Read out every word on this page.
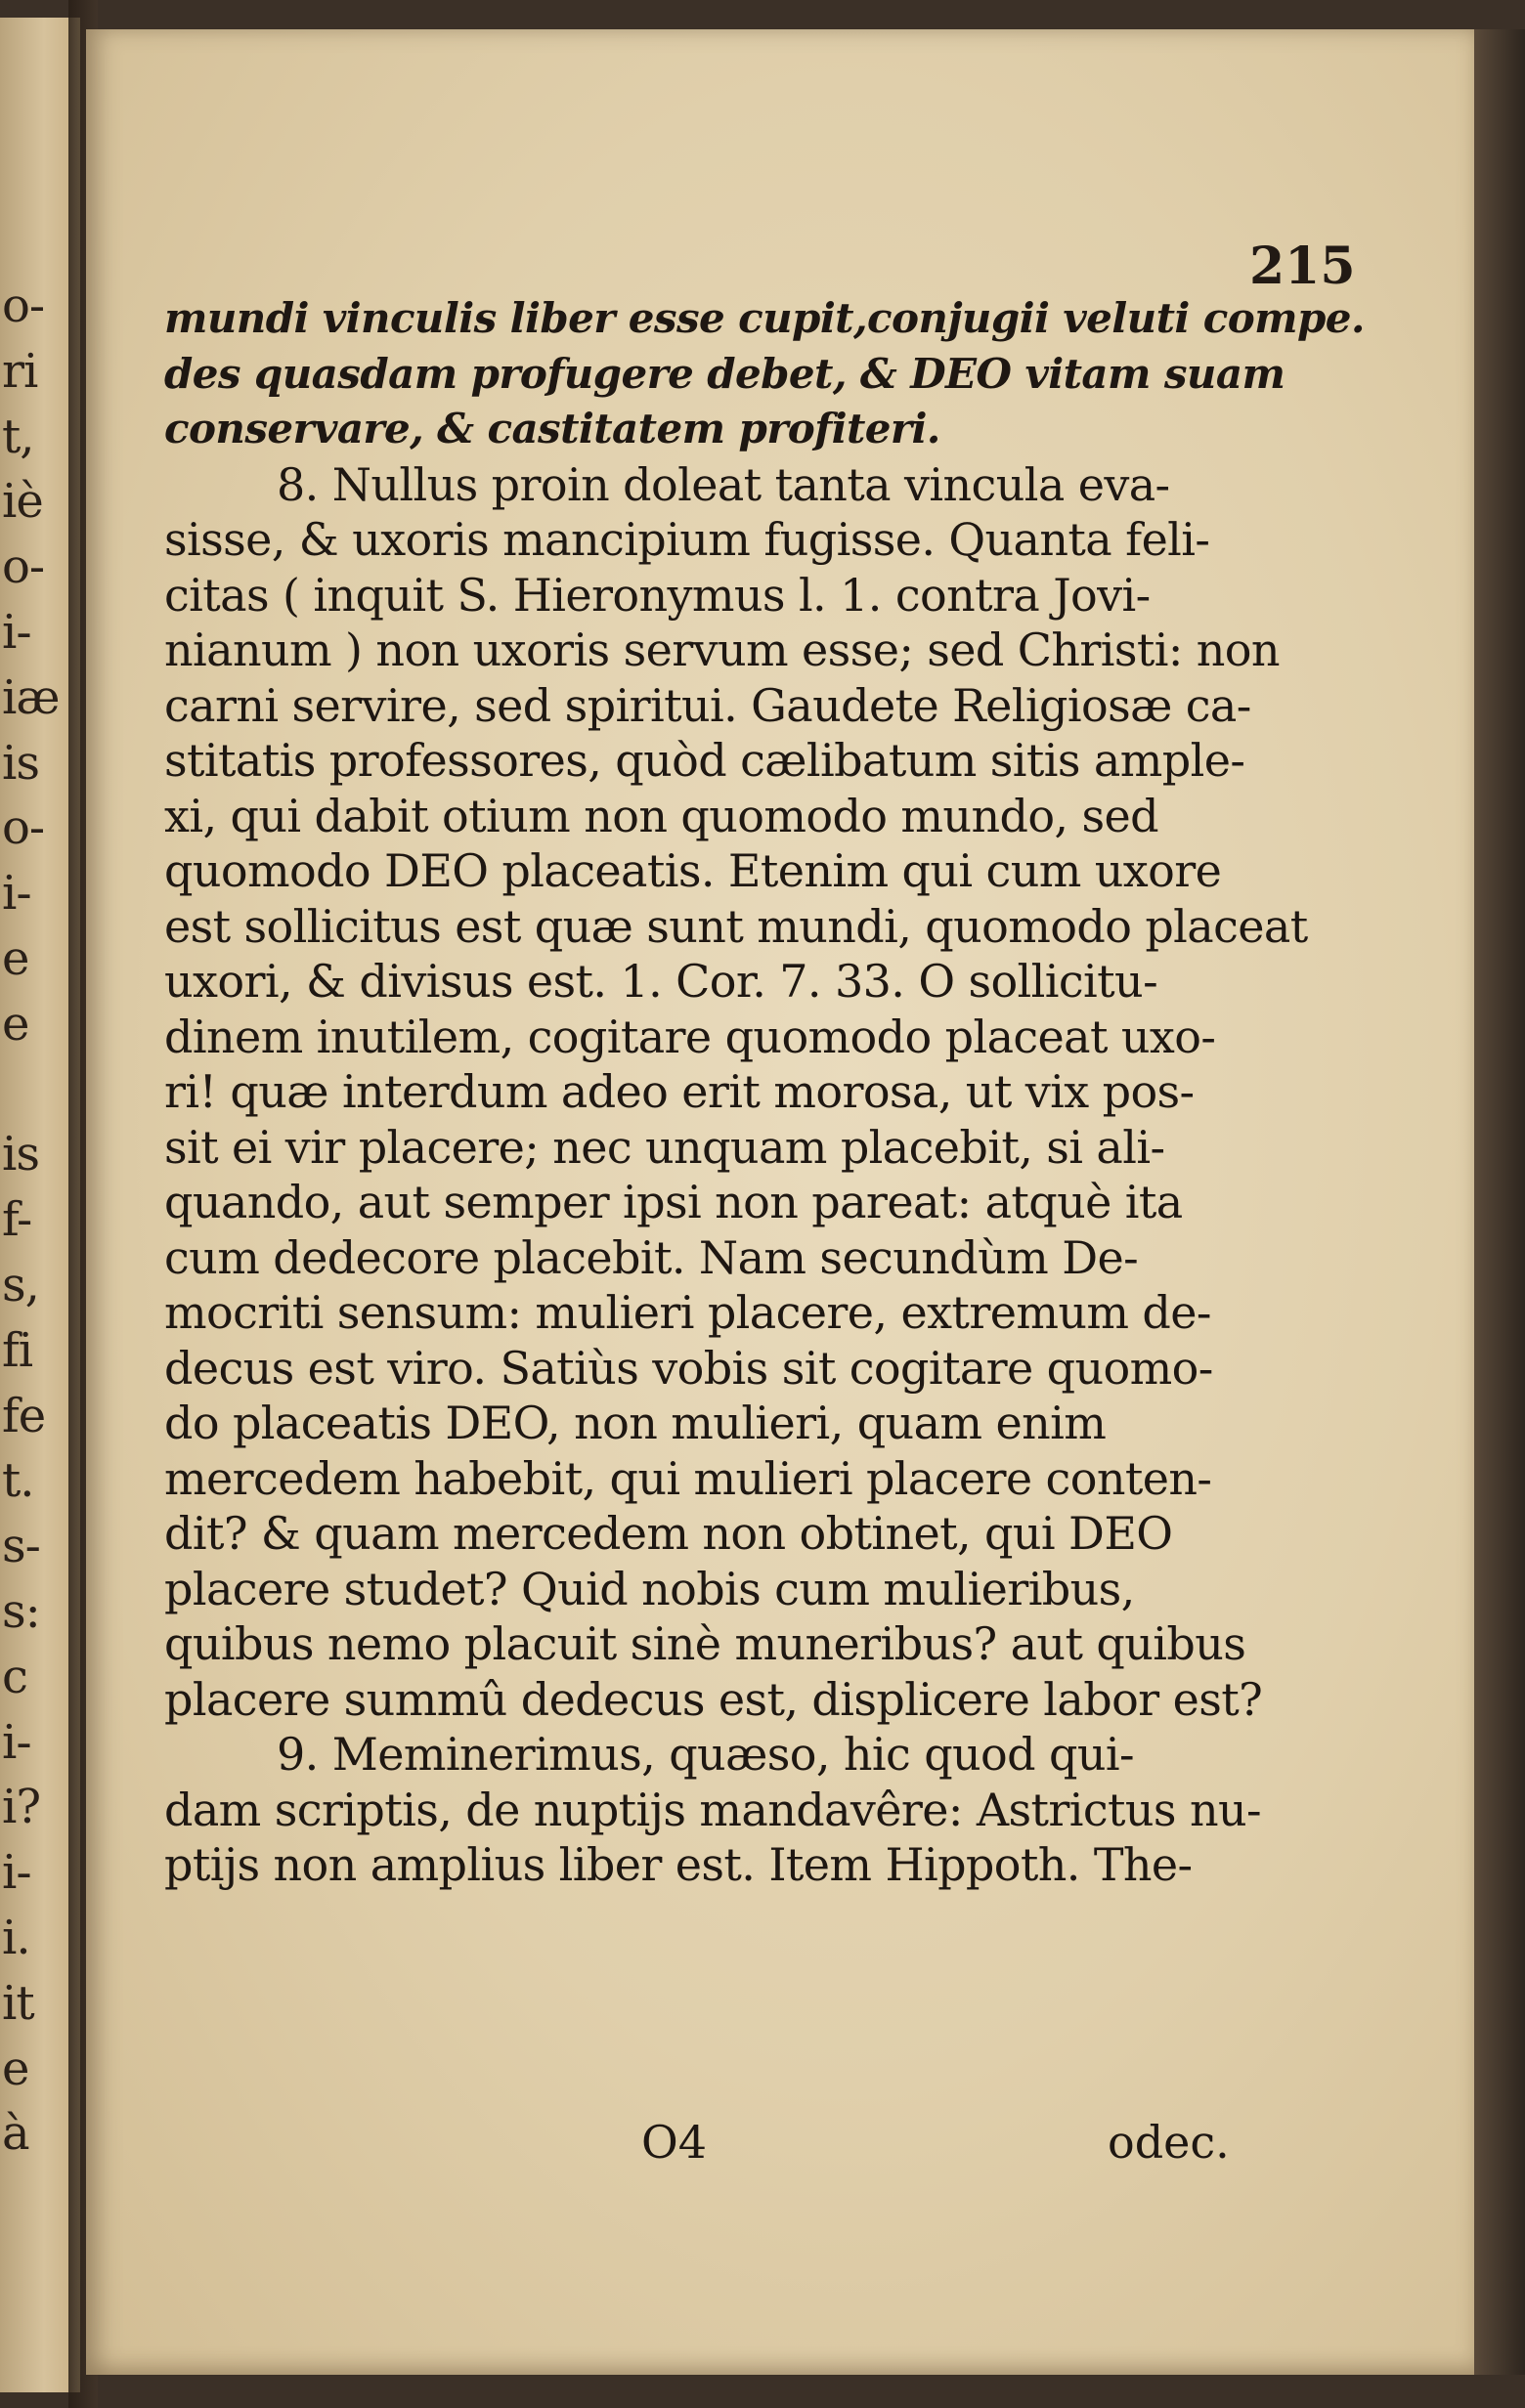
o-
ri
t,
iè
o-
i-
iæ
is
o-
i-
e
e
is
f-
s,
fi
fe
t.
s-
s:
c
i-
i?
i-
i.
it
e
à
215
mundi vinculis liber esse cupit,conjugii veluti compe.
des quasdam profugere debet, & DEO vitam suam
conservare, & castitatem profiteri.
8. Nullus proin doleat tanta vincula eva-
sisse, & uxoris mancipium fugisse. Quanta feli-
citas ( inquit S. Hieronymus l. 1. contra Jovi-
nianum ) non uxoris servum esse; sed Christi: non
carni servire, sed spiritui. Gaudete Religiosæ ca-
stitatis professores, quòd cælibatum sitis ample-
xi, qui dabit otium non quomodo mundo, sed
quomodo DEO placeatis. Etenim qui cum uxore
est sollicitus est quæ sunt mundi, quomodo placeat
uxori, & divisus est. 1. Cor. 7. 33. O sollicitu-
dinem inutilem, cogitare quomodo placeat uxo-
ri! quæ interdum adeo erit morosa, ut vix pos-
sit ei vir placere; nec unquam placebit, si ali-
quando, aut semper ipsi non pareat: atquè ita
cum dedecore placebit. Nam secundùm De-
mocriti sensum: mulieri placere, extremum de-
decus est viro. Satiùs vobis sit cogitare quomo-
do placeatis DEO, non mulieri, quam enim
mercedem habebit, qui mulieri placere conten-
dit? & quam mercedem non obtinet, qui DEO
placere studet? Quid nobis cum mulieribus,
quibus nemo placuit sinè muneribus? aut quibus
placere summû dedecus est, displicere labor est?
9. Meminerimus, quæso, hic quod qui-
dam scriptis, de nuptijs mandavêre: Astrictus nu-
ptijs non amplius liber est. Item Hippoth. The-
O4	odec.
